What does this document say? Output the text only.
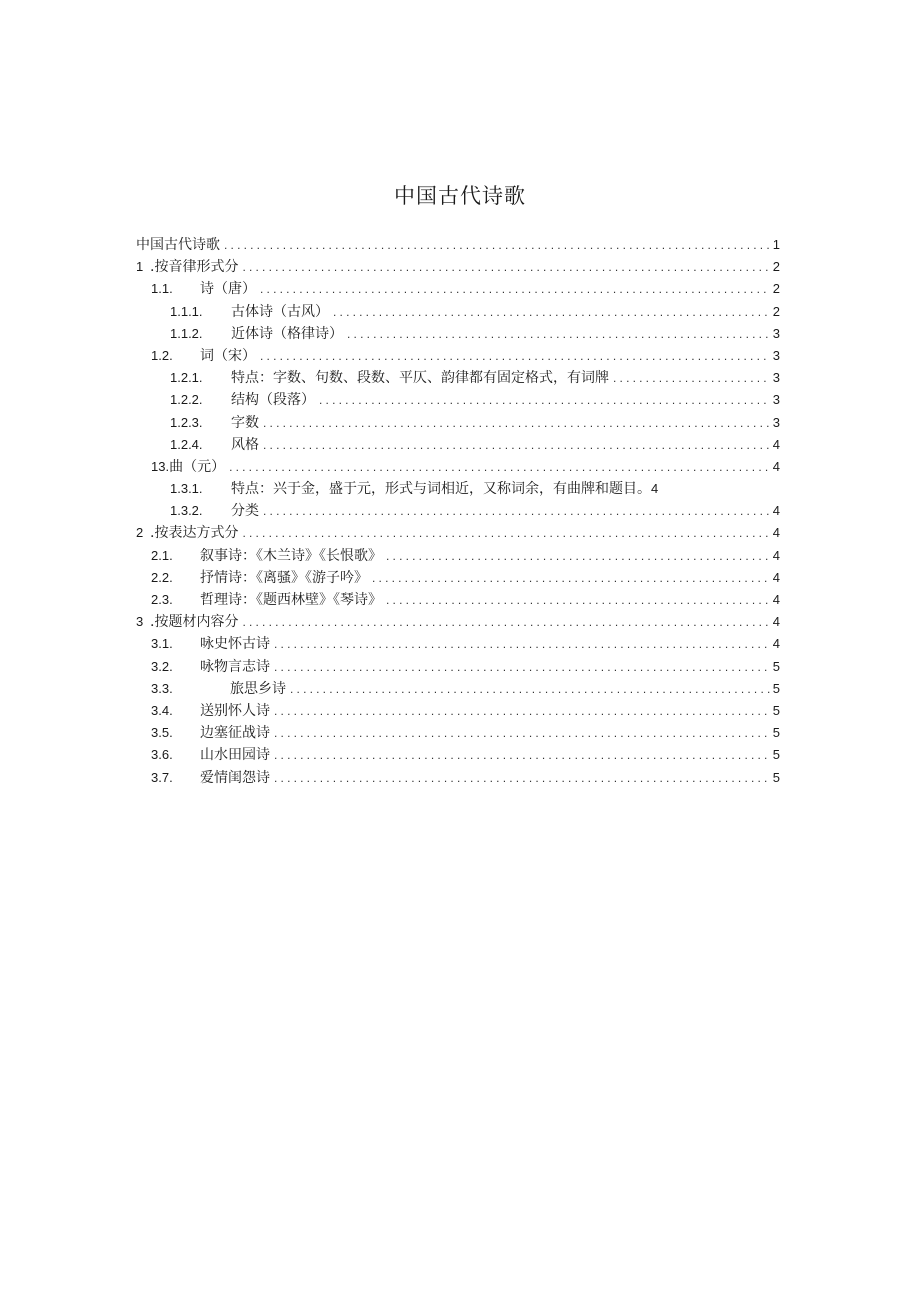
中国古代诗歌
中国古代诗歌 .....	1
1 .按音律形式分 .....	2
1.1.	诗（唐） .....	2
1.1.1.	古体诗（古风） .....	2
1.1.2.	近体诗（格律诗） .....	3
1.2.	词（宋） .....	3
1.2.1.	特点：字数、句数、段数、平仄、韵律都有固定格式，有词牌 .....	3
1.2.2.	结构（段落） .....	3
1.2.3.	字数 .....	3
1.2.4.	风格 .....	4
13. 曲（元） .....	4
1.3.1.	特点：兴于金，盛于元，形式与词相近，又称词余，有曲牌和题目。 4
1.3.2.	分类 .....	4
2 .按表达方式分 .....	4
2.1.	叙事诗：《木兰诗》《长恨歌》 .....	4
2.2.	抒情诗：《离骚》《游子吟》 .....	4
2.3.	哲理诗：《题西林壁》《琴诗》 .....	4
3 .按题材内容分 .....	4
3.1.	咏史怀古诗 .....	4
3.2.	咏物言志诗 .....	5
3.3.	旅思乡诗 .....	5
3.4.	送别怀人诗 .....	5
3.5.	边塞征战诗 .....	5
3.6.	山水田园诗 .....	5
3.7.	爱情闺怨诗 .....	5
